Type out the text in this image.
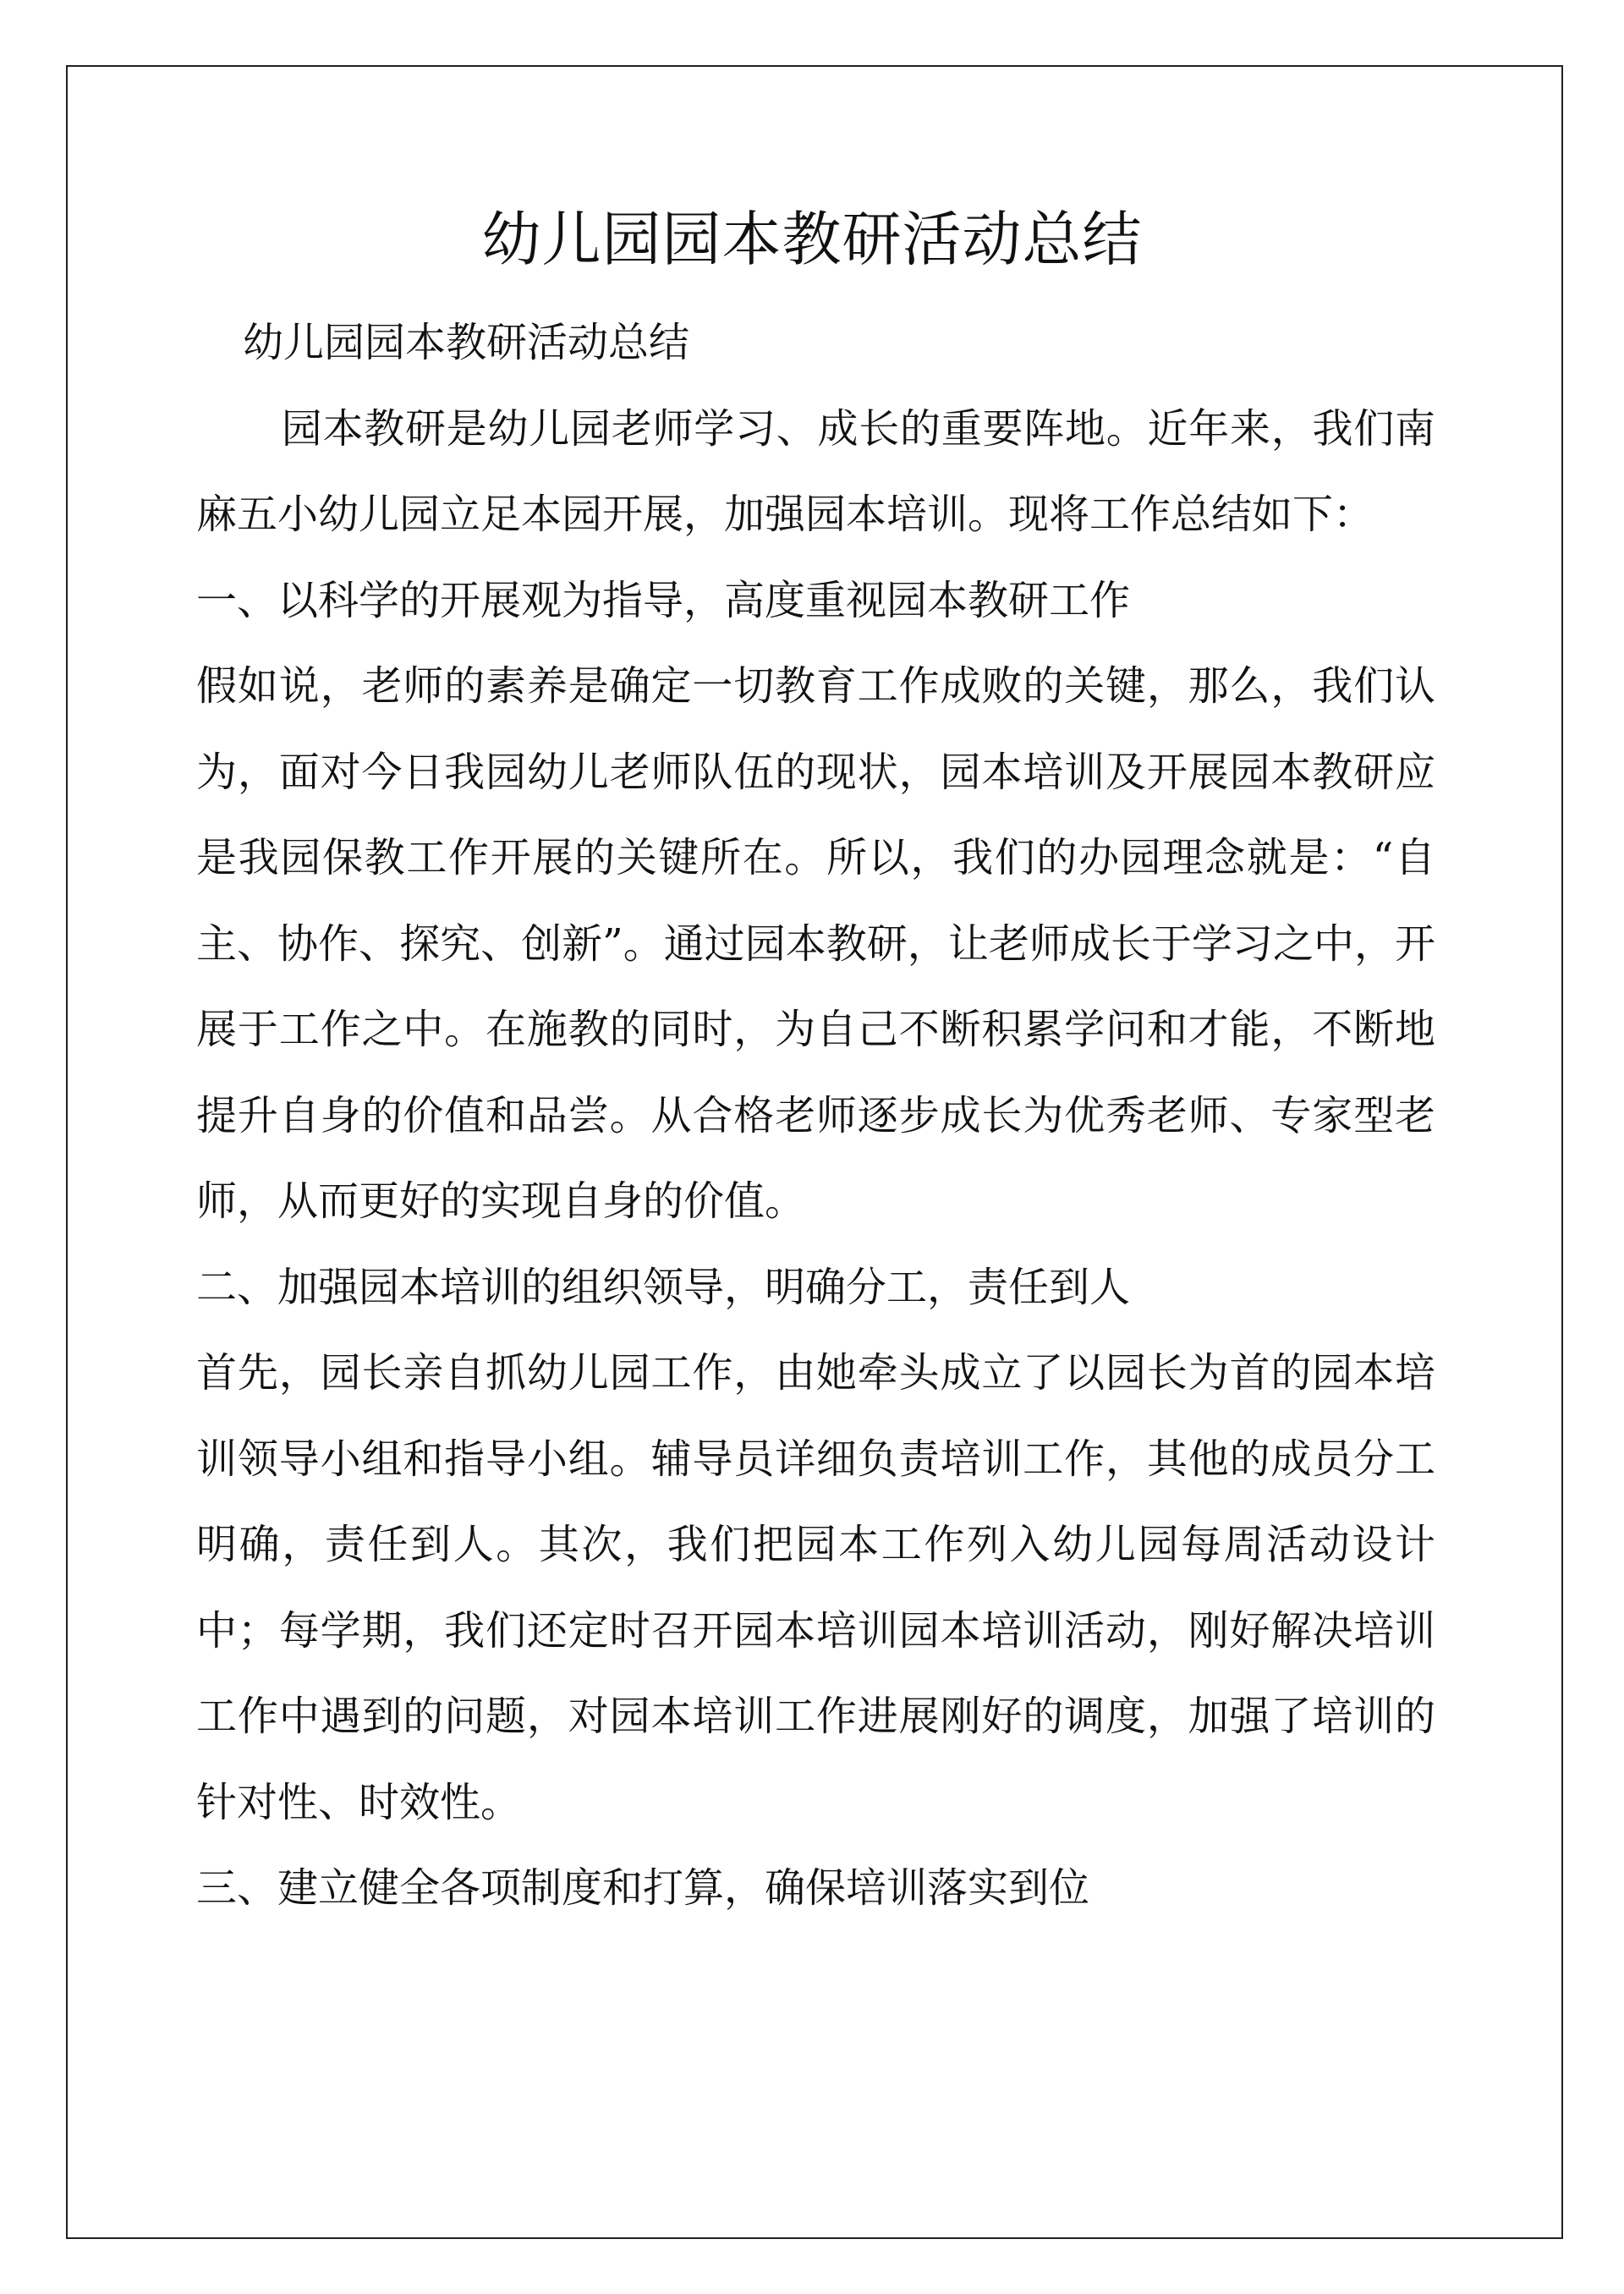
幼儿园园本教研活动总结

幼儿园园本教研活动总结

园本教研是幼儿园老师学习、成长的重要阵地。近年来，我们南麻五小幼儿园立足本园开展，加强园本培训。现将工作总结如下：

一、以科学的开展观为指导，高度重视园本教研工作

假如说，老师的素养是确定一切教育工作成败的关键，那么，我们认为，面对今日我园幼儿老师队伍的现状，园本培训及开展园本教研应是我园保教工作开展的关键所在。所以，我们的办园理念就是：“自主、协作、探究、创新”。通过园本教研，让老师成长于学习之中，开展于工作之中。在施教的同时，为自己不断积累学问和才能，不断地提升自身的价值和品尝。从合格老师逐步成长为优秀老师、专家型老师，从而更好的实现自身的价值。

二、加强园本培训的组织领导，明确分工，责任到人

首先，园长亲自抓幼儿园工作，由她牵头成立了以园长为首的园本培训领导小组和指导小组。辅导员详细负责培训工作，其他的成员分工明确，责任到人。其次，我们把园本工作列入幼儿园每周活动设计中；每学期，我们还定时召开园本培训园本培训活动，刚好解决培训工作中遇到的问题，对园本培训工作进展刚好的调度，加强了培训的针对性、时效性。

三、建立健全各项制度和打算，确保培训落实到位
